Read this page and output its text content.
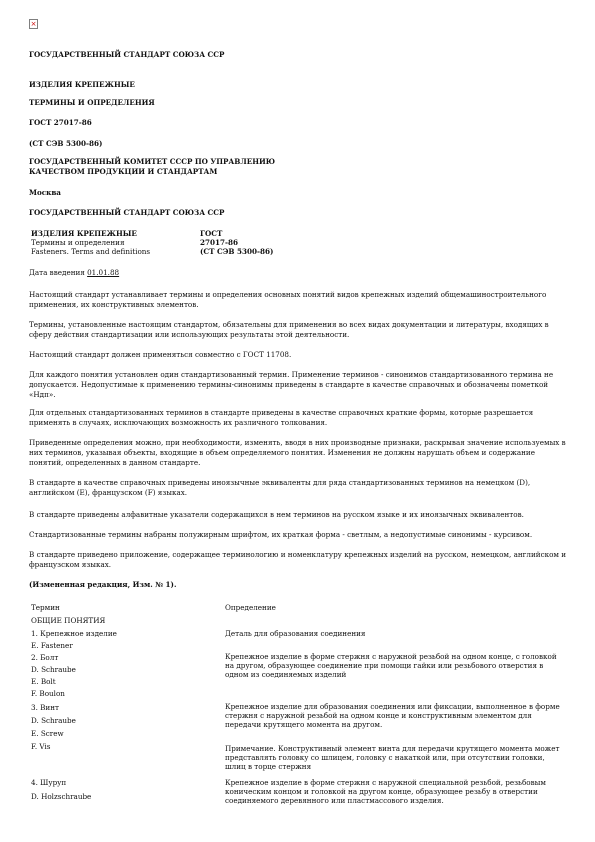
×
ГОСУДАРСТВЕННЫЙ СТАНДАРТ СОЮЗА ССР
ИЗДЕЛИЯ КРЕПЕЖНЫЕ
ТЕРМИНЫ И ОПРЕДЕЛЕНИЯ
ГОСТ 27017-86
(СТ СЭВ 5300-86)
ГОСУДАРСТВЕННЫЙ КОМИТЕТ СССР ПО УПРАВЛЕНИЮ
КАЧЕСТВОМ ПРОДУКЦИИ И СТАНДАРТАМ
Москва
ГОСУДАРСТВЕННЫЙ СТАНДАРТ СОЮЗА ССР
ИЗДЕЛИЯ КРЕПЕЖНЫЕ
Термины и определения
Fasteners. Terms and definitions
ГОСТ
27017-86
(СТ СЭВ 5300-86)
Дата введения 01.01.88
Настоящий стандарт устанавливает термины и определения основных понятий видов крепежных изделий общемашиностроительного применения, их конструктивных элементов.
Термины, установленные настоящим стандартом, обязательны для применения во всех видах документации и литературы, входящих в сферу действия стандартизации или использующих результаты этой деятельности.
Настоящий стандарт должен применяться совместно с ГОСТ 11708.
Для каждого понятия установлен один стандартизованный термин. Применение терминов - синонимов стандартизованного термина не допускается. Недопустимые к применению термины-синонимы приведены в стандарте в качестве справочных и обозначены пометкой «Ндп».
Для отдельных стандартизованных терминов в стандарте приведены в качестве справочных краткие формы, которые разрешается применять в случаях, исключающих возможность их различного толкования.
Приведенные определения можно, при необходимости, изменять, вводя в них производные признаки, раскрывая значение используемых в них терминов, указывая объекты, входящие в объем определяемого понятия. Изменения не должны нарушать объем и содержание понятий, определенных в данном стандарте.
В стандарте в качестве справочных приведены иноязычные эквиваленты для ряда стандартизованных терминов на немецком (D), английском (Е), французском (F) языках.
В стандарте приведены алфавитные указатели содержащихся в нем терминов на русском языке и их иноязычных эквивалентов.
Стандартизованные термины набраны полужирным шрифтом, их краткая форма - светлым, а недопустимые синонимы - курсивом.
В стандарте приведено приложение, содержащее терминологию и номенклатуру крепежных изделий на русском, немецком, английском и французском языках.
(Измененная редакция, Изм. № 1).
Термин	Определение
ОБЩИЕ ПОНЯТИЯ
1. Крепежное изделие
E. Fastener
2. Болт
D. Schraube
E. Bolt
F. Boulon
3. Винт
D. Schraube
E. Screw
F. Vis
4. Шуруп
D. Holzschraube
Деталь для образования соединения
Крепежное изделие в форме стержня с наружной резьбой на одном конце, с головкой на другом, образующее соединение при помощи гайки или резьбового отверстия в одном из соединяемых изделий
Крепежное изделие для образования соединения или фиксации, выполненное в форме стержня с наружной резьбой на одном конце и конструктивным элементом для передачи крутящего момента на другом.
Примечание. Конструктивный элемент винта для передачи крутящего момента может представлять головку со шлицем, головку с накаткой или, при отсутствии головки, шлиц в торце стержня
Крепежное изделие в форме стержня с наружной специальной резьбой, резьбовым коническим концом и головкой на другом конце, образующее резьбу в отверстии соединяемого деревянного или пластмассового изделия.
